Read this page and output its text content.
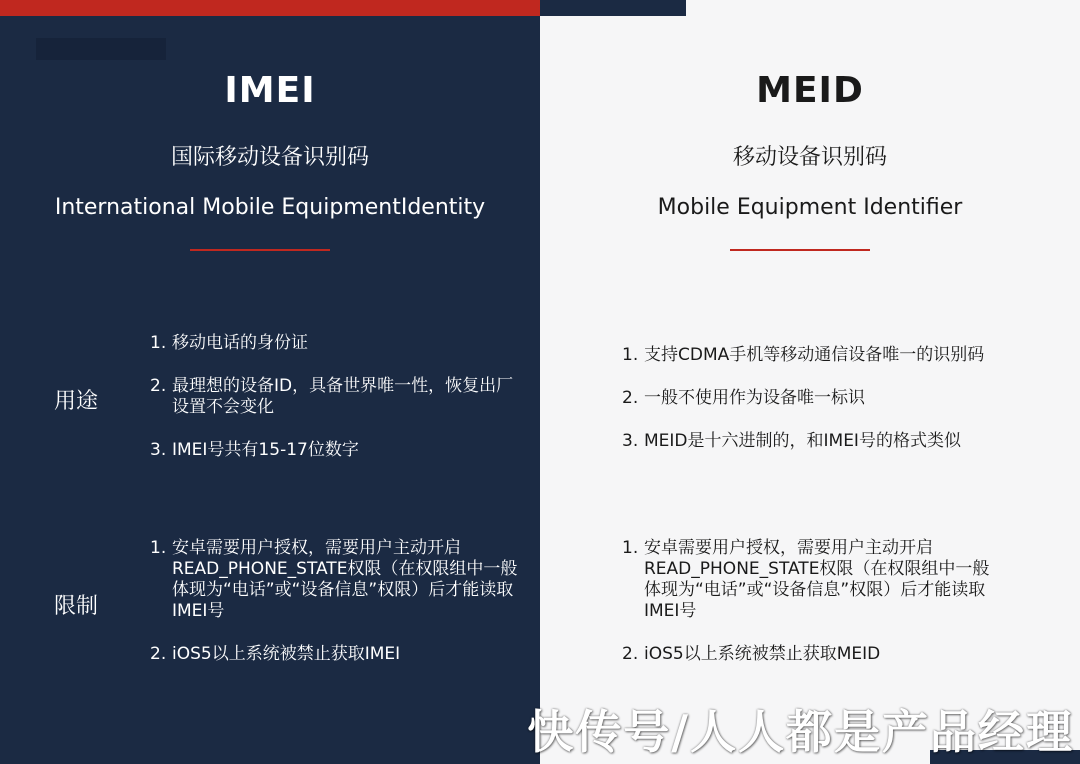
IMEI
国际移动设备识别码
International Mobile EquipmentIdentity
用途
1. 移动电话的身份证
2. 最理想的设备ID，具备世界唯一性，恢复出厂设置不会变化
3. IMEI号共有15-17位数字
限制
1. 安卓需要用户授权，需要用户主动开启READ_PHONE_STATE权限（在权限组中一般体现为“电话”或“设备信息”权限）后才能读取IMEI号
2. iOS5以上系统被禁止获取IMEI
MEID
移动设备识别码
Mobile Equipment Identifier
1. 支持CDMA手机等移动通信设备唯一的识别码
2. 一般不使用作为设备唯一标识
3. MEID是十六进制的，和IMEI号的格式类似
1. 安卓需要用户授权，需要用户主动开启READ_PHONE_STATE权限（在权限组中一般体现为“电话”或“设备信息”权限）后才能读取IMEI号
2. iOS5以上系统被禁止获取MEID
快传号/人人都是产品经理
